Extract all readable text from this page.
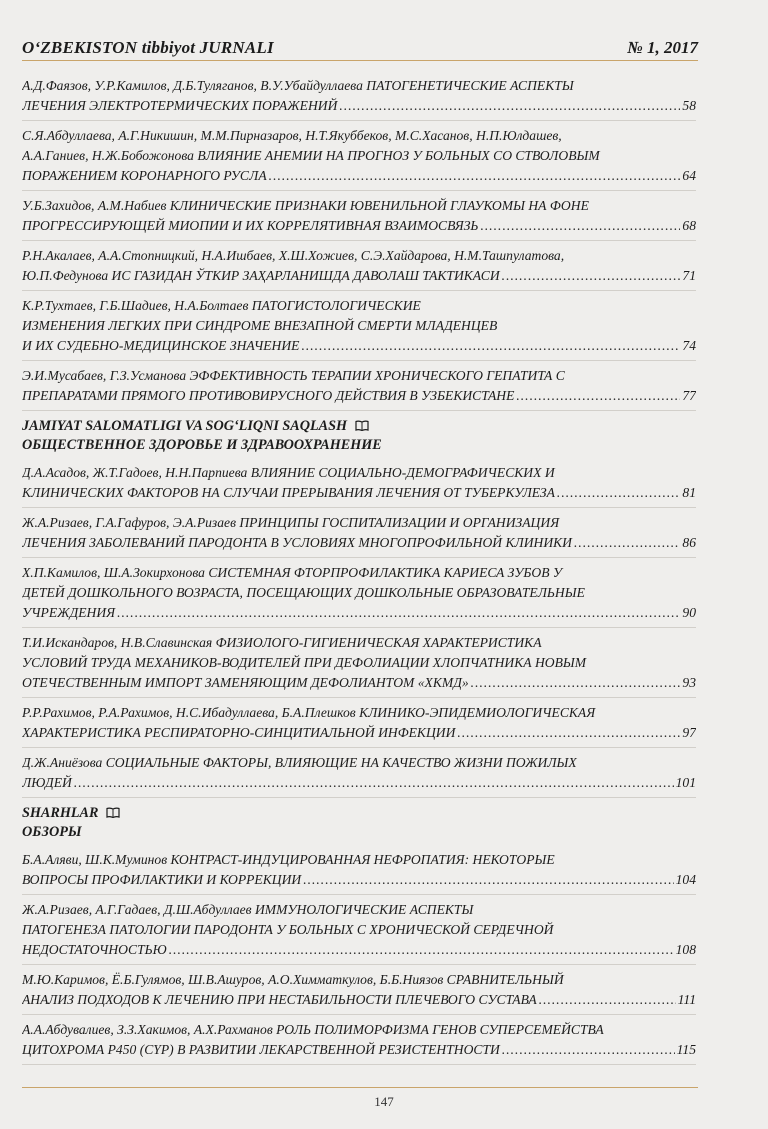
O‘ZBEKISTON tibbiyot JURNALI	№ 1, 2017
А.Д.Фаязов, У.Р.Камилов, Д.Б.Туляганов, В.У.Убайдуллаева ПАТОГЕНЕТИЧЕСКИЕ АСПЕКТЫ
ЛЕЧЕНИЯ ЭЛЕКТРОТЕРМИЧЕСКИХ ПОРАЖЕНИЙ .....	58
С.Я.Абдуллаева, А.Г.Никишин, М.М.Пирназаров, Н.Т.Якуббеков, М.С.Хасанов, Н.П.Юлдашев,
А.А.Ганиев, Н.Ж.Бобожонова ВЛИЯНИЕ АНЕМИИ НА ПРОГНОЗ У БОЛЬНЫХ СО СТВОЛОВЫМ
ПОРАЖЕНИЕМ КОРОНАРНОГО РУСЛА .....	64
У.Б.Захидов, А.М.Набиев КЛИНИЧЕСКИЕ ПРИЗНАКИ ЮВЕНИЛЬНОЙ ГЛАУКОМЫ НА ФОНЕ
ПРОГРЕССИРУЮЩЕЙ МИОПИИ И ИХ КОРРЕЛЯТИВНАЯ ВЗАИМОСВЯЗЬ .....	68
Р.Н.Акалаев, А.А.Стопницкий, Н.А.Ишбаев, Х.Ш.Хожиев, С.Э.Хайдарова, Н.М.Ташпулатова,
Ю.П.Федунова ИС ГАЗИДАН ЎТКИР ЗАҲАРЛАНИШДА ДАВОЛАШ ТАКТИКАСИ .....	71
К.Р.Тухтаев, Г.Б.Шадиев, Н.А.Болтаев ПАТОГИСТОЛОГИЧЕСКИЕ
ИЗМЕНЕНИЯ ЛЕГКИХ ПРИ СИНДРОМЕ ВНЕЗАПНОЙ СМЕРТИ МЛАДЕНЦЕВ
И ИХ СУДЕБНО-МЕДИЦИНСКОЕ ЗНАЧЕНИЕ .....	74
Э.И.Мусабаев, Г.З.Усманова ЭФФЕКТИВНОСТЬ ТЕРАПИИ ХРОНИЧЕСКОГО ГЕПАТИТА С
ПРЕПАРАТАМИ ПРЯМОГО ПРОТИВОВИРУСНОГО ДЕЙСТВИЯ В УЗБЕКИСТАНЕ .....	77
JAMIYAT SALOMATLIGI VA SOG‘LIQNI SAQLASH
ОБЩЕСТВЕННОЕ ЗДОРОВЬЕ И ЗДРАВООХРАНЕНИЕ
Д.А.Асадов, Ж.Т.Гадоев, Н.Н.Парпиева ВЛИЯНИЕ СОЦИАЛЬНО-ДЕМОГРАФИЧЕСКИХ И
КЛИНИЧЕСКИХ ФАКТОРОВ НА СЛУЧАИ ПРЕРЫВАНИЯ ЛЕЧЕНИЯ ОТ ТУБЕРКУЛЕЗА .....	81
Ж.А.Ризаев, Г.А.Гафуров, Э.А.Ризаев ПРИНЦИПЫ ГОСПИТАЛИЗАЦИИ И ОРГАНИЗАЦИЯ
ЛЕЧЕНИЯ ЗАБОЛЕВАНИЙ ПАРОДОНТА В УСЛОВИЯХ МНОГОПРОФИЛЬНОЙ КЛИНИКИ .....	86
Х.П.Камилов, Ш.А.Зокирхонова СИСТЕМНАЯ ФТОРПРОФИЛАКТИКА КАРИЕСА ЗУБОВ У
ДЕТЕЙ ДОШКОЛЬНОГО ВОЗРАСТА, ПОСЕЩАЮЩИХ ДОШКОЛЬНЫЕ ОБРАЗОВАТЕЛЬНЫЕ
УЧРЕЖДЕНИЯ .....	90
Т.И.Искандаров, Н.В.Славинская ФИЗИОЛОГО-ГИГИЕНИЧЕСКАЯ ХАРАКТЕРИСТИКА
УСЛОВИЙ ТРУДА МЕХАНИКОВ-ВОДИТЕЛЕЙ ПРИ ДЕФОЛИАЦИИ ХЛОПЧАТНИКА НОВЫМ
ОТЕЧЕСТВЕННЫМ ИМПОРТ ЗАМЕНЯЮЩИМ ДЕФОЛИАНТОМ «ХКМД» .....	93
Р.Р.Рахимов, Р.А.Рахимов, Н.С.Ибадуллаева, Б.А.Плешков КЛИНИКО-ЭПИДЕМИОЛОГИЧЕСКАЯ
ХАРАКТЕРИСТИКА РЕСПИРАТОРНО-СИНЦИТИАЛЬНОЙ ИНФЕКЦИИ .....	97
Д.Ж.Аниёзова СОЦИАЛЬНЫЕ ФАКТОРЫ, ВЛИЯЮЩИЕ НА КАЧЕСТВО ЖИЗНИ ПОЖИЛЫХ
ЛЮДЕЙ .....	101
SHARHLAR
ОБЗОРЫ
Б.А.Аляви, Ш.К.Муминов КОНТРАСТ-ИНДУЦИРОВАННАЯ НЕФРОПАТИЯ: НЕКОТОРЫЕ
ВОПРОСЫ ПРОФИЛАКТИКИ И КОРРЕКЦИИ .....	104
Ж.А.Ризаев, А.Г.Гадаев, Д.Ш.Абдуллаев ИММУНОЛОГИЧЕСКИЕ АСПЕКТЫ
ПАТОГЕНЕЗА ПАТОЛОГИИ ПАРОДОНТА У БОЛЬНЫХ С ХРОНИЧЕСКОЙ СЕРДЕЧНОЙ
НЕДОСТАТОЧНОСТЬЮ .....	108
М.Ю.Каримов, Ё.Б.Гулямов, Ш.В.Ашуров, А.О.Химматкулов, Б.Б.Ниязов СРАВНИТЕЛЬНЫЙ
АНАЛИЗ ПОДХОДОВ К ЛЕЧЕНИЮ ПРИ НЕСТАБИЛЬНОСТИ ПЛЕЧЕВОГО СУСТАВА .....	111
А.А.Абдувалиев, З.З.Хакимов, А.Х.Рахманов РОЛЬ ПОЛИМОРФИЗМА ГЕНОВ СУПЕРСЕМЕЙСТВА
ЦИТОХРОМА Р450 (CYP) В РАЗВИТИИ ЛЕКАРСТВЕННОЙ РЕЗИСТЕНТНОСТИ .....	115
147
